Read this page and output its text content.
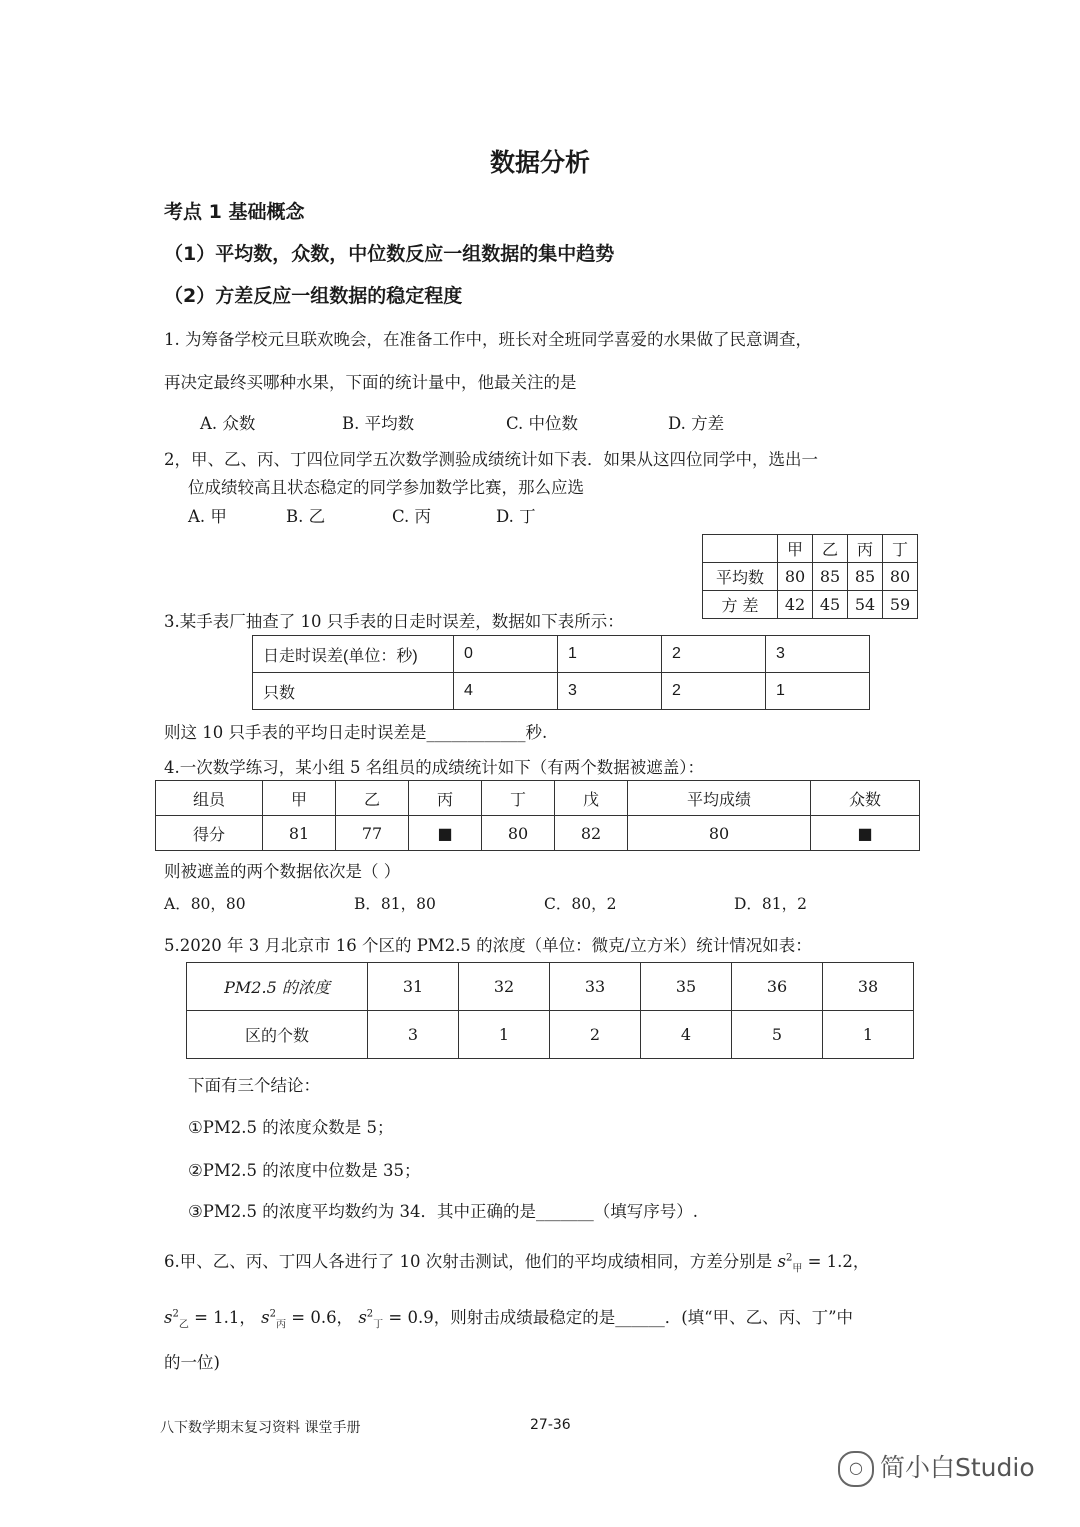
数据分析
考点 1 基础概念
（1）平均数，众数，中位数反应一组数据的集中趋势
（2）方差反应一组数据的稳定程度
1. 为筹备学校元旦联欢晚会，在准备工作中，班长对全班同学喜爱的水果做了民意调查，
再决定最终买哪种水果，下面的统计量中，他最关注的是
A. 众数	B. 平均数	C. 中位数	D. 方差
2，甲、乙、丙、丁四位同学五次数学测验成绩统计如下表．如果从这四位同学中，选出一
位成绩较高且状态稳定的同学参加数学比赛，那么应选
A. 甲	B. 乙	C. 丙	D. 丁
	甲	乙	丙	丁
平均数	80	85	85	80
方 差	42	45	54	59
3.某手表厂抽查了 10 只手表的日走时误差，数据如下表所示：
日走时误差(单位：秒)	0	1	2	3
只数	4	3	2	1
则这 10 只手表的平均日走时误差是____________秒.
4.一次数学练习，某小组 5 名组员的成绩统计如下（有两个数据被遮盖）：
组员	甲	乙	丙	丁	戊	平均成绩	众数
得分	81	77	■	80	82	80	■
则被遮盖的两个数据依次是（ ）
A．80，80	B．81，80	C．80，2	D．81，2
5.2020 年 3 月北京市 16 个区的 PM2.5 的浓度（单位：微克/立方米）统计情况如表：
PM2.5 的浓度	31	32	33	35	36	38
区的个数	3	1	2	4	5	1
下面有三个结论：
①PM2.5 的浓度众数是 5；
②PM2.5 的浓度中位数是 35；
③PM2.5 的浓度平均数约为 34．其中正确的是_______（填写序号）.
6.甲、乙、丙、丁四人各进行了 10 次射击测试，他们的平均成绩相同，方差分别是 $s^2_甲 = 1.2$，
$s^2_乙 = 1.1$， $s^2_丙 = 0.6$， $s^2_丁 = 0.9$，则射击成绩最稳定的是______．(填“甲、乙、丙、丁”中
的一位)
八下数学期末复习资料 课堂手册	27-36
○ 简小白Studio
